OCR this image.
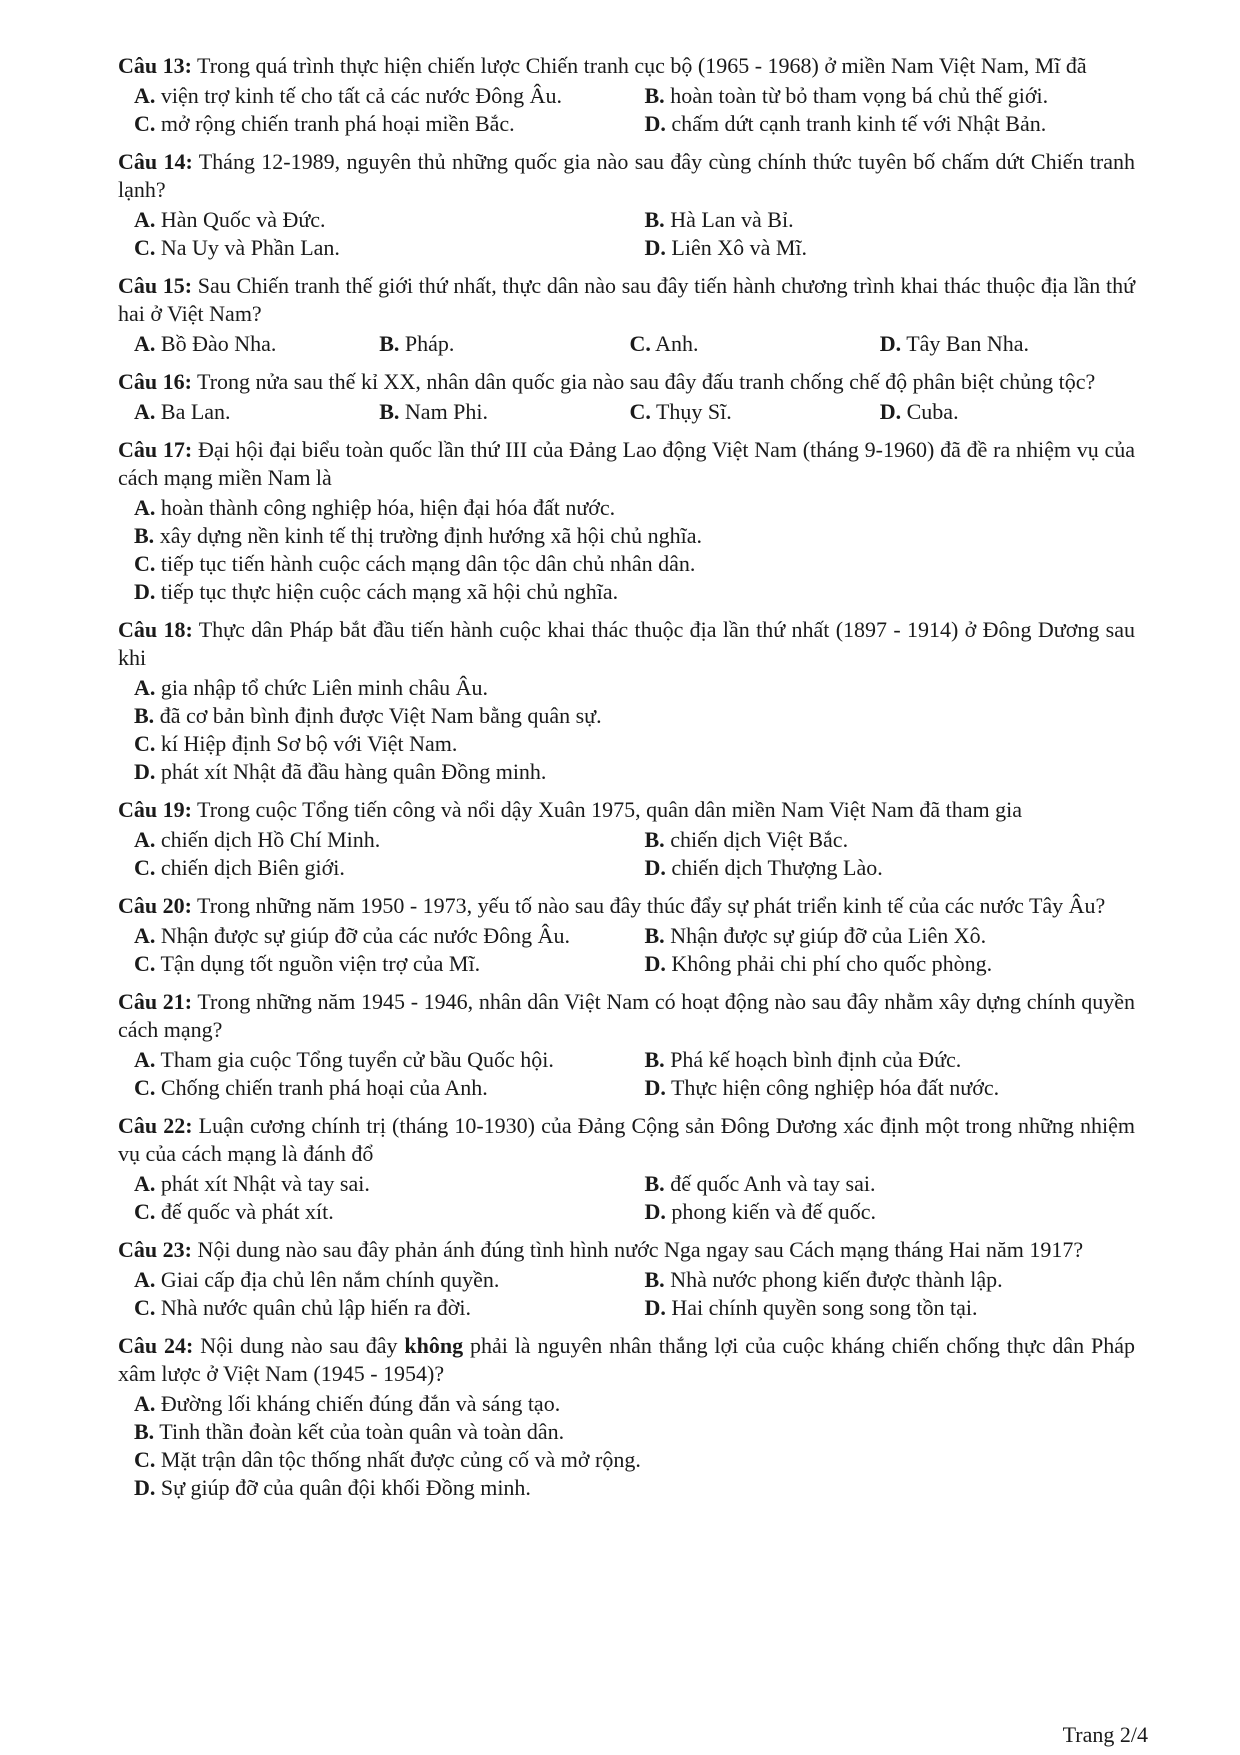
Câu 13: Trong quá trình thực hiện chiến lược Chiến tranh cục bộ (1965 - 1968) ở miền Nam Việt Nam, Mĩ đã
A. viện trợ kinh tế cho tất cả các nước Đông Âu.	B. hoàn toàn từ bỏ tham vọng bá chủ thế giới.
C. mở rộng chiến tranh phá hoại miền Bắc.	D. chấm dứt cạnh tranh kinh tế với Nhật Bản.
Câu 14: Tháng 12-1989, nguyên thủ những quốc gia nào sau đây cùng chính thức tuyên bố chấm dứt Chiến tranh lạnh?
A. Hàn Quốc và Đức.	B. Hà Lan và Bỉ.
C. Na Uy và Phần Lan.	D. Liên Xô và Mĩ.
Câu 15: Sau Chiến tranh thế giới thứ nhất, thực dân nào sau đây tiến hành chương trình khai thác thuộc địa lần thứ hai ở Việt Nam?
A. Bồ Đào Nha.	B. Pháp.	C. Anh.	D. Tây Ban Nha.
Câu 16: Trong nửa sau thế kỉ XX, nhân dân quốc gia nào sau đây đấu tranh chống chế độ phân biệt chủng tộc?
A. Ba Lan.	B. Nam Phi.	C. Thụy Sĩ.	D. Cuba.
Câu 17: Đại hội đại biểu toàn quốc lần thứ III của Đảng Lao động Việt Nam (tháng 9-1960) đã đề ra nhiệm vụ của cách mạng miền Nam là
A. hoàn thành công nghiệp hóa, hiện đại hóa đất nước.
B. xây dựng nền kinh tế thị trường định hướng xã hội chủ nghĩa.
C. tiếp tục tiến hành cuộc cách mạng dân tộc dân chủ nhân dân.
D. tiếp tục thực hiện cuộc cách mạng xã hội chủ nghĩa.
Câu 18: Thực dân Pháp bắt đầu tiến hành cuộc khai thác thuộc địa lần thứ nhất (1897 - 1914) ở Đông Dương sau khi
A. gia nhập tổ chức Liên minh châu Âu.
B. đã cơ bản bình định được Việt Nam bằng quân sự.
C. kí Hiệp định Sơ bộ với Việt Nam.
D. phát xít Nhật đã đầu hàng quân Đồng minh.
Câu 19: Trong cuộc Tổng tiến công và nổi dậy Xuân 1975, quân dân miền Nam Việt Nam đã tham gia
A. chiến dịch Hồ Chí Minh.	B. chiến dịch Việt Bắc.
C. chiến dịch Biên giới.	D. chiến dịch Thượng Lào.
Câu 20: Trong những năm 1950 - 1973, yếu tố nào sau đây thúc đẩy sự phát triển kinh tế của các nước Tây Âu?
A. Nhận được sự giúp đỡ của các nước Đông Âu.	B. Nhận được sự giúp đỡ của Liên Xô.
C. Tận dụng tốt nguồn viện trợ của Mĩ.	D. Không phải chi phí cho quốc phòng.
Câu 21: Trong những năm 1945 - 1946, nhân dân Việt Nam có hoạt động nào sau đây nhằm xây dựng chính quyền cách mạng?
A. Tham gia cuộc Tổng tuyển cử bầu Quốc hội.	B. Phá kế hoạch bình định của Đức.
C. Chống chiến tranh phá hoại của Anh.	D. Thực hiện công nghiệp hóa đất nước.
Câu 22: Luận cương chính trị (tháng 10-1930) của Đảng Cộng sản Đông Dương xác định một trong những nhiệm vụ của cách mạng là đánh đổ
A. phát xít Nhật và tay sai.	B. đế quốc Anh và tay sai.
C. đế quốc và phát xít.	D. phong kiến và đế quốc.
Câu 23: Nội dung nào sau đây phản ánh đúng tình hình nước Nga ngay sau Cách mạng tháng Hai năm 1917?
A. Giai cấp địa chủ lên nắm chính quyền.	B. Nhà nước phong kiến được thành lập.
C. Nhà nước quân chủ lập hiến ra đời.	D. Hai chính quyền song song tồn tại.
Câu 24: Nội dung nào sau đây không phải là nguyên nhân thắng lợi của cuộc kháng chiến chống thực dân Pháp xâm lược ở Việt Nam (1945 - 1954)?
A. Đường lối kháng chiến đúng đắn và sáng tạo.
B. Tinh thần đoàn kết của toàn quân và toàn dân.
C. Mặt trận dân tộc thống nhất được củng cố và mở rộng.
D. Sự giúp đỡ của quân đội khối Đồng minh.
Trang 2/4
